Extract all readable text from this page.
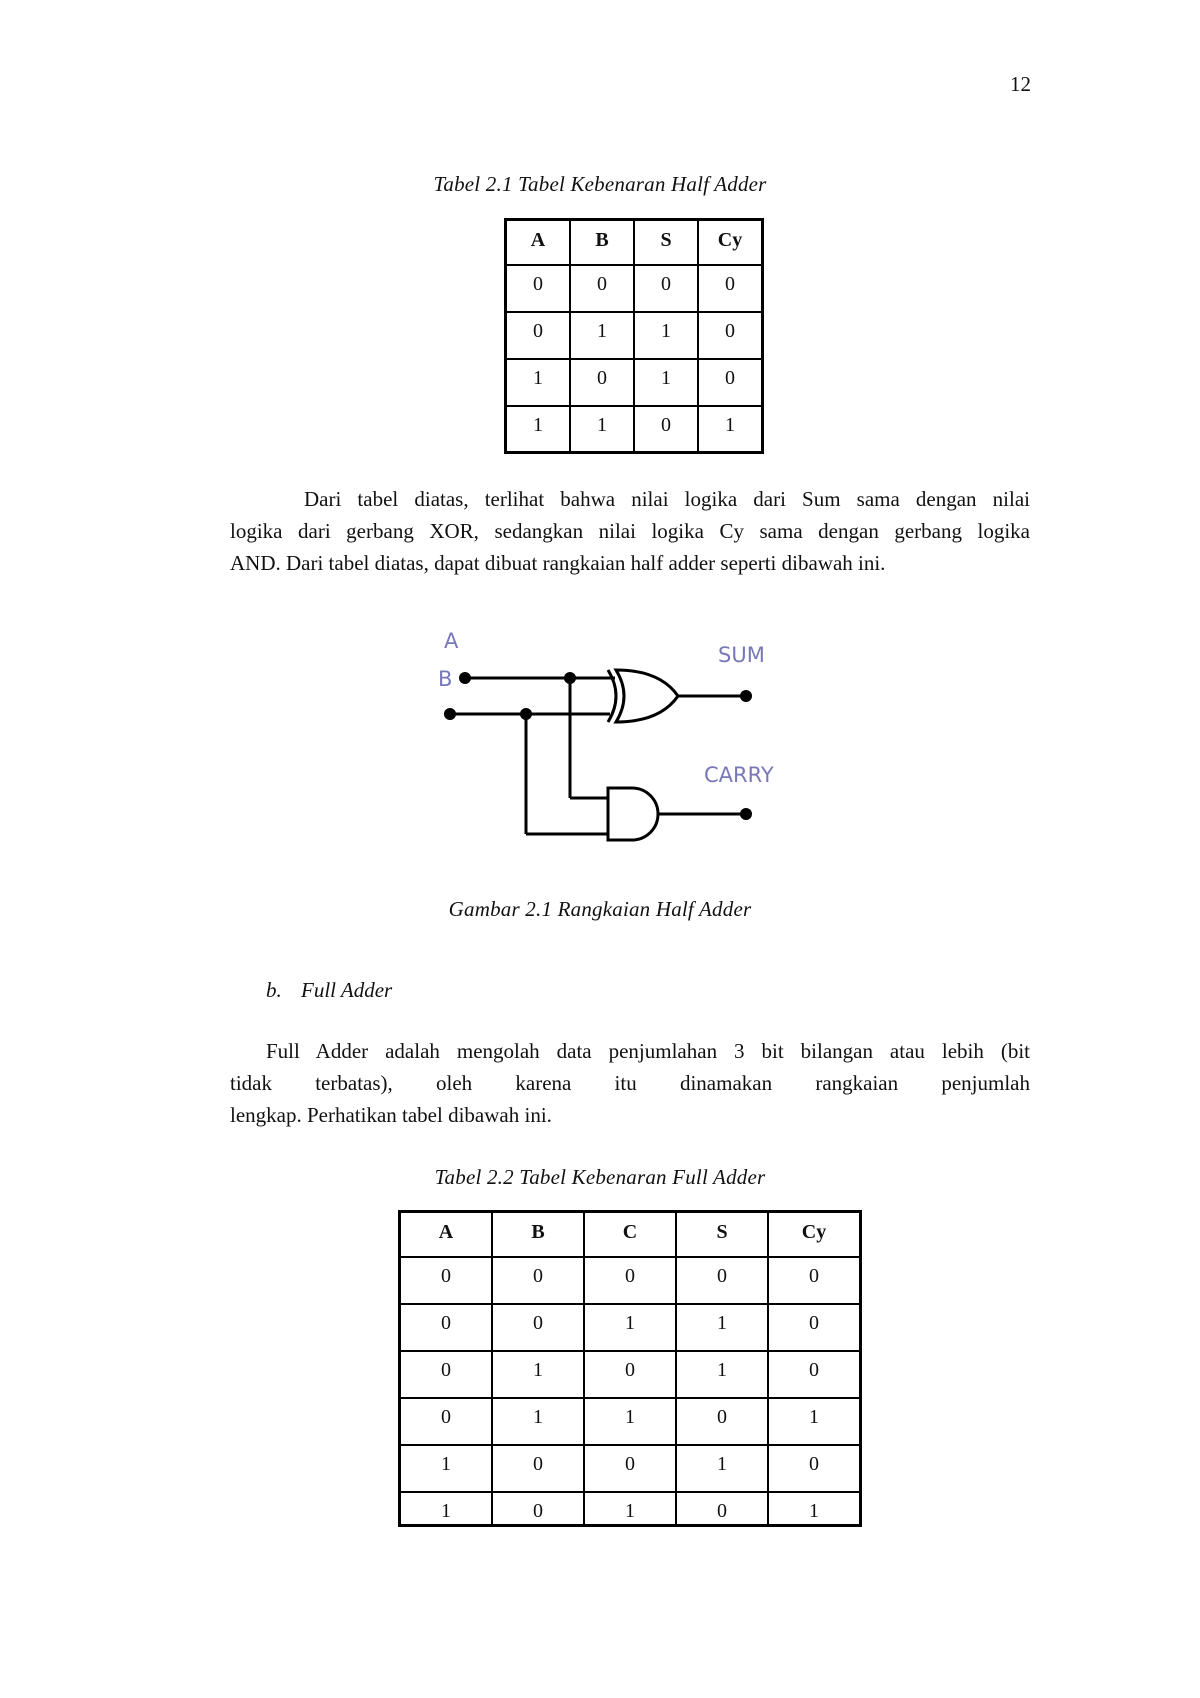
12
Tabel 2.1 Tabel Kebenaran Half Adder
A	B	S	Cy
0	0	0	0
0	1	1	0
1	0	1	0
1	1	0	1
Dari tabel diatas, terlihat bahwa nilai logika dari Sum sama dengan nilai
logika dari gerbang XOR, sedangkan nilai logika Cy sama dengan gerbang logika
AND. Dari tabel diatas, dapat dibuat rangkaian half adder seperti dibawah ini.
A
B
SUM
CARRY
Gambar 2.1 Rangkaian Half Adder
b. Full Adder
Full Adder adalah mengolah data penjumlahan 3 bit bilangan atau lebih (bit
tidak terbatas), oleh karena itu dinamakan rangkaian penjumlah
lengkap. Perhatikan tabel dibawah ini.
Tabel 2.2 Tabel Kebenaran Full Adder
A	B	C	S	Cy
0	0	0	0	0
0	0	1	1	0
0	1	0	1	0
0	1	1	0	1
1	0	0	1	0
1	0	1	0	1
